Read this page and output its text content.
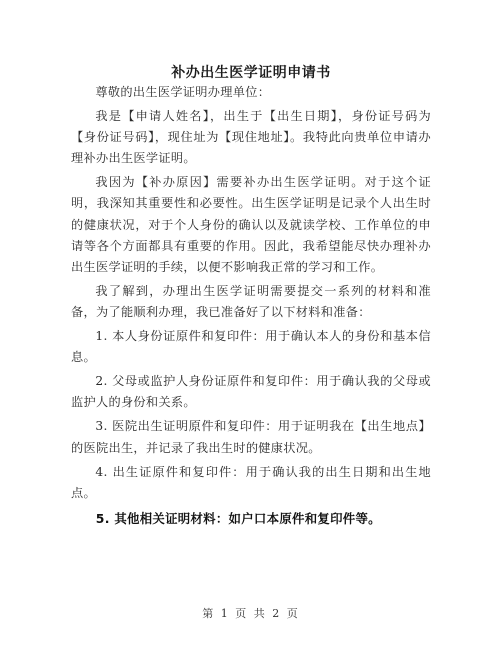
补办出生医学证明申请书

尊敬的出生医学证明办理单位：

我是【申请人姓名】，出生于【出生日期】，身份证号码为【身份证号码】，现住址为【现住地址】。我特此向贵单位申请办理补办出生医学证明。

我因为【补办原因】需要补办出生医学证明。对于这个证明，我深知其重要性和必要性。出生医学证明是记录个人出生时的健康状况，对于个人身份的确认以及就读学校、工作单位的申请等各个方面都具有重要的作用。因此，我希望能尽快办理补办出生医学证明的手续，以便不影响我正常的学习和工作。

我了解到，办理出生医学证明需要提交一系列的材料和准备，为了能顺利办理，我已准备好了以下材料和准备：

1. 本人身份证原件和复印件：用于确认本人的身份和基本信息。

2. 父母或监护人身份证原件和复印件：用于确认我的父母或监护人的身份和关系。

3. 医院出生证明原件和复印件：用于证明我在【出生地点】的医院出生，并记录了我出生时的健康状况。

4. 出生证原件和复印件：用于确认我的出生日期和出生地点。

5. 其他相关证明材料：如户口本原件和复印件等。

第 1 页 共 2 页
